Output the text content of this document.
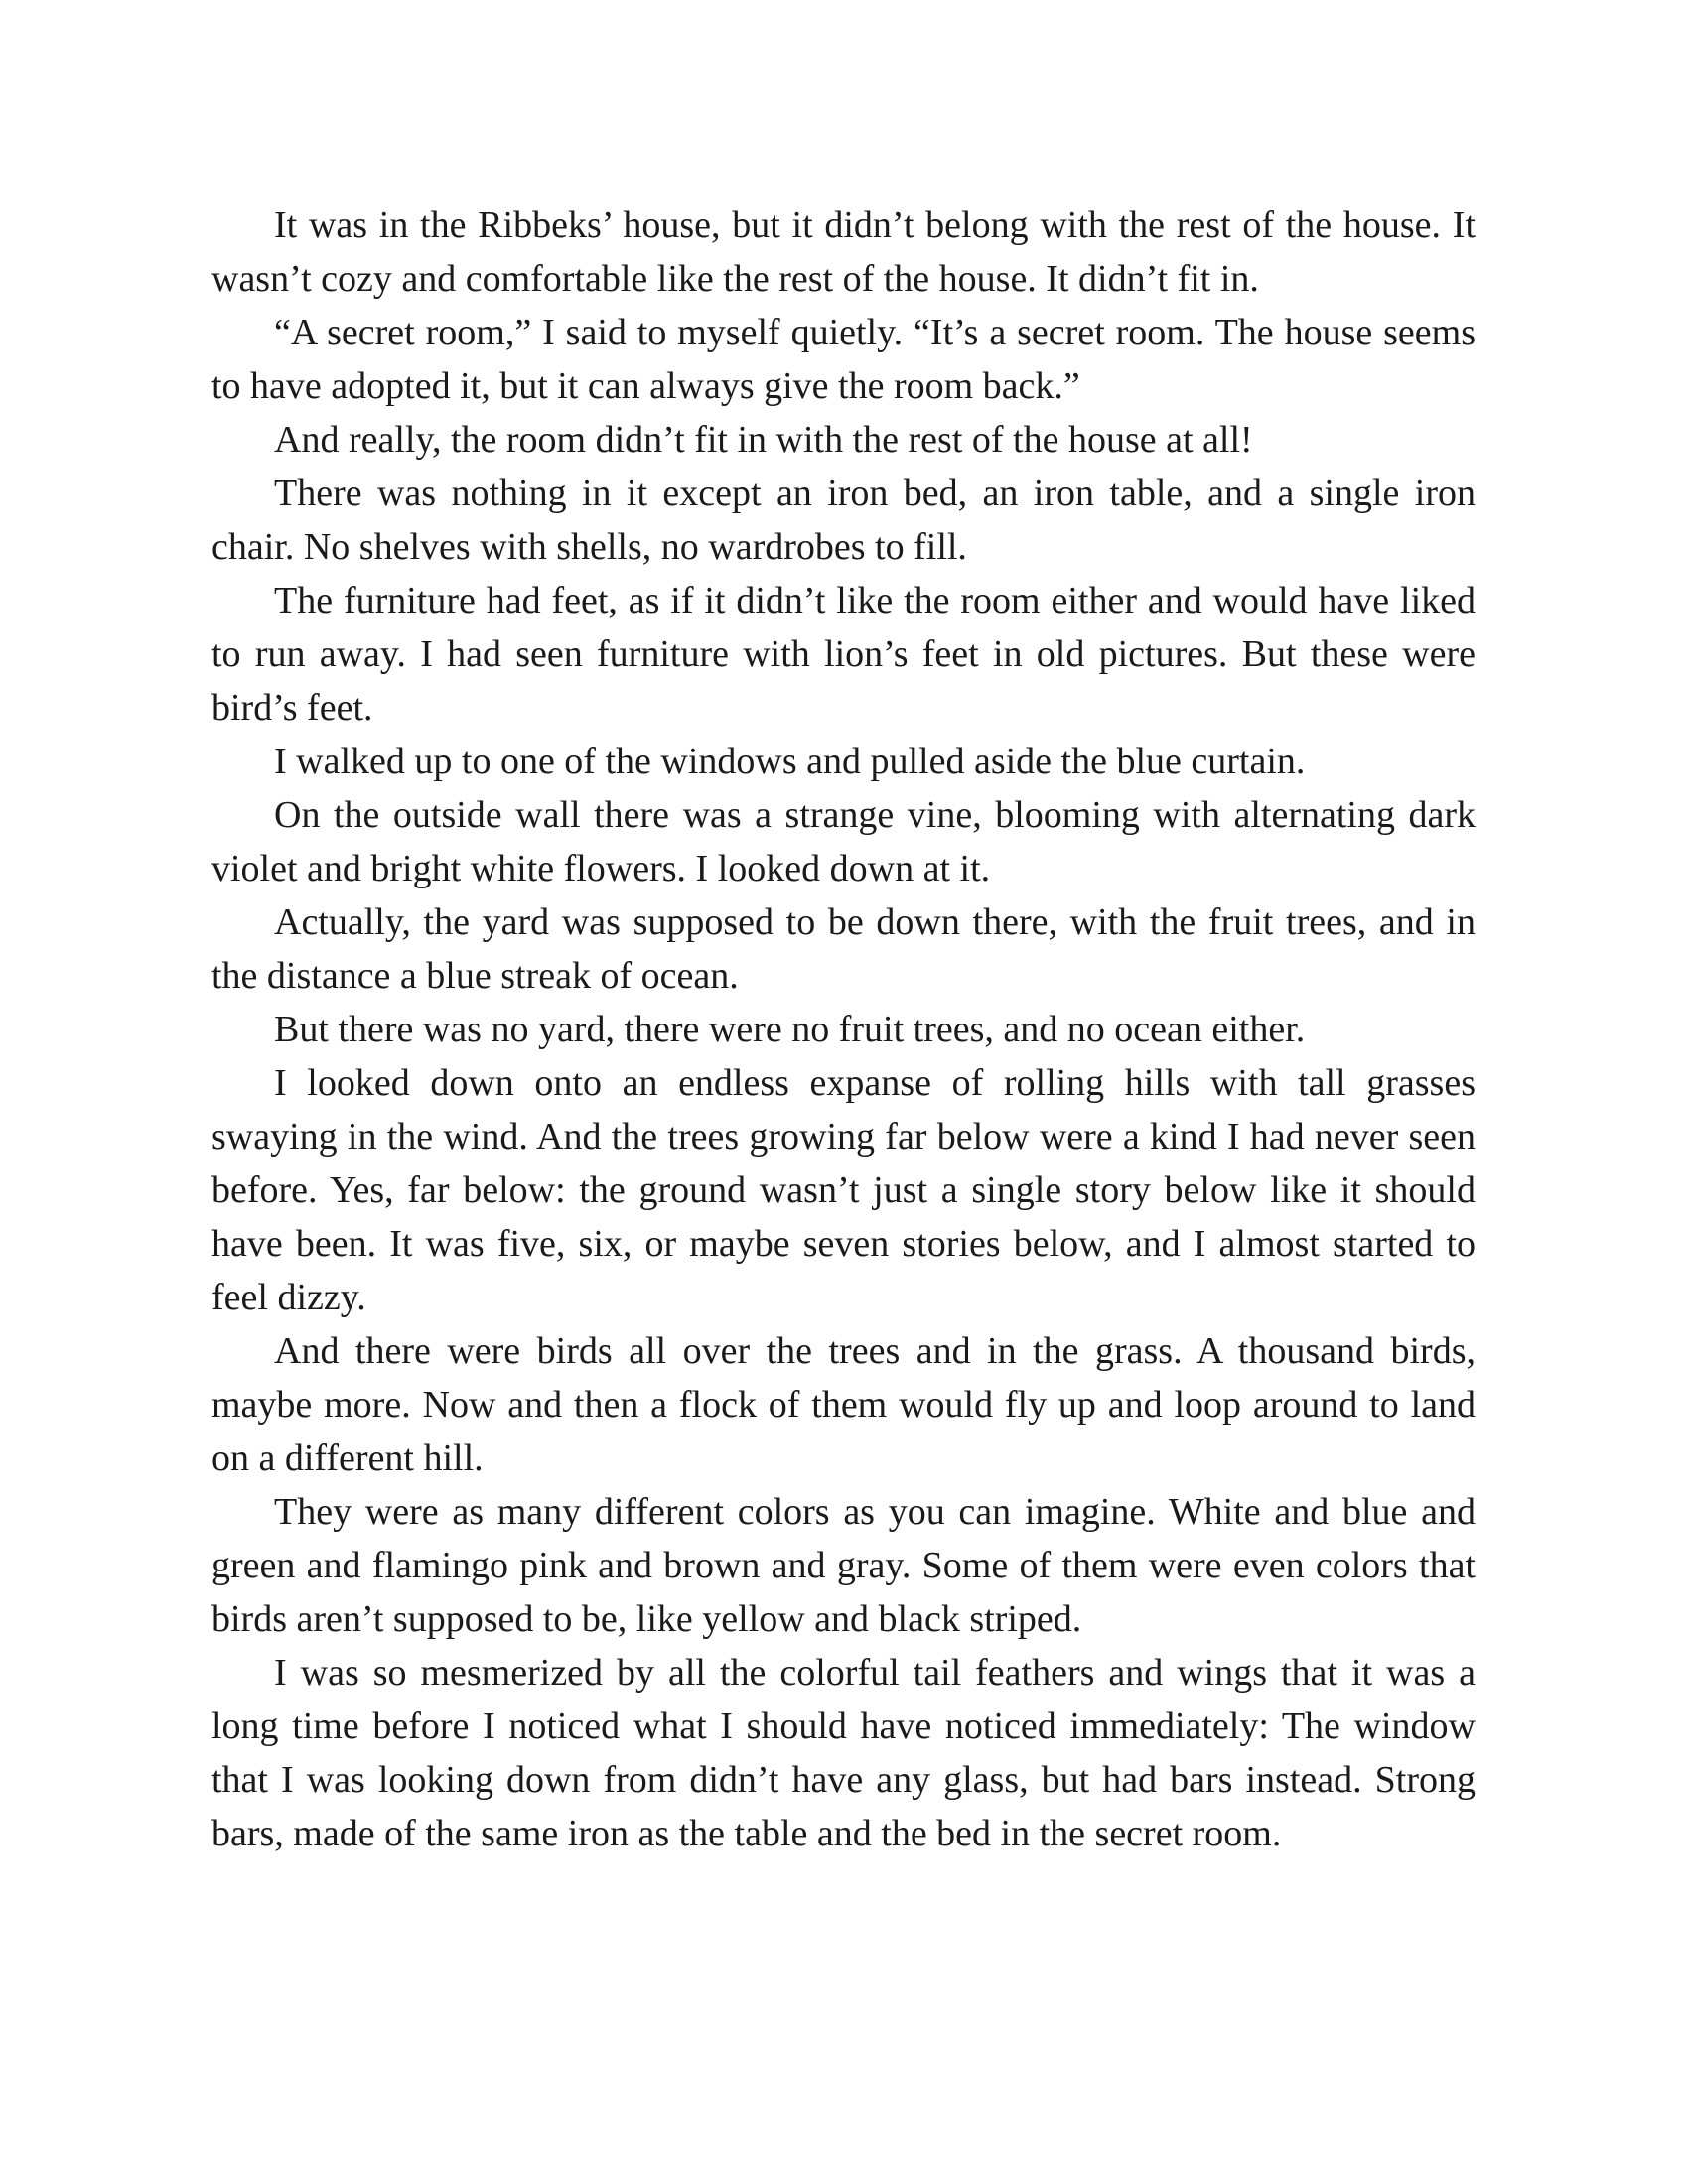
It was in the Ribbeks’ house, but it didn’t belong with the rest of the house. It wasn’t cozy and comfortable like the rest of the house. It didn’t fit in.

“A secret room,” I said to myself quietly. “It’s a secret room. The house seems to have adopted it, but it can always give the room back.”

And really, the room didn’t fit in with the rest of the house at all!

There was nothing in it except an iron bed, an iron table, and a single iron chair. No shelves with shells, no wardrobes to fill.

The furniture had feet, as if it didn’t like the room either and would have liked to run away. I had seen furniture with lion’s feet in old pictures. But these were bird’s feet.

I walked up to one of the windows and pulled aside the blue curtain.

On the outside wall there was a strange vine, blooming with alternating dark violet and bright white flowers. I looked down at it.

Actually, the yard was supposed to be down there, with the fruit trees, and in the distance a blue streak of ocean.

But there was no yard, there were no fruit trees, and no ocean either.

I looked down onto an endless expanse of rolling hills with tall grasses swaying in the wind. And the trees growing far below were a kind I had never seen before. Yes, far below: the ground wasn’t just a single story below like it should have been. It was five, six, or maybe seven stories below, and I almost started to feel dizzy.

And there were birds all over the trees and in the grass. A thousand birds, maybe more. Now and then a flock of them would fly up and loop around to land on a different hill.

They were as many different colors as you can imagine. White and blue and green and flamingo pink and brown and gray. Some of them were even colors that birds aren’t supposed to be, like yellow and black striped.

I was so mesmerized by all the colorful tail feathers and wings that it was a long time before I noticed what I should have noticed immediately: The window that I was looking down from didn’t have any glass, but had bars instead. Strong bars, made of the same iron as the table and the bed in the secret room.
